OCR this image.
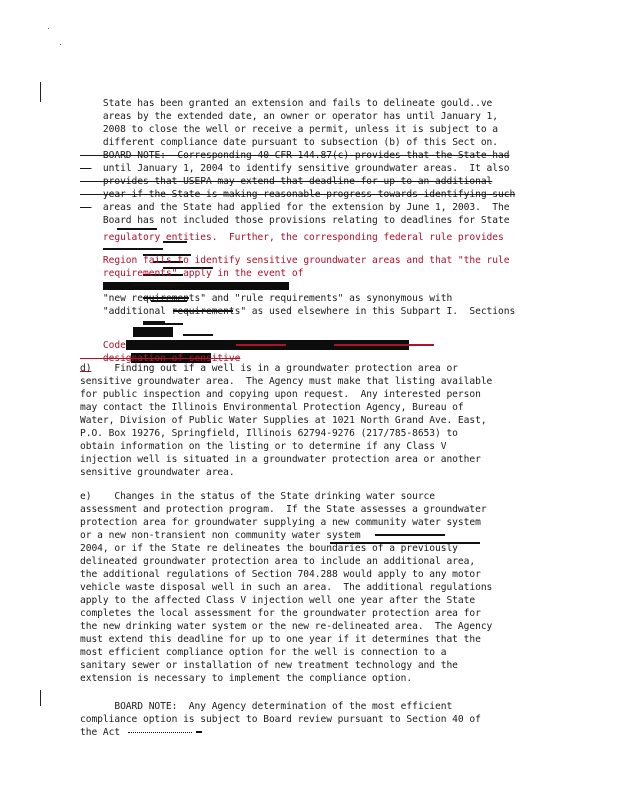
State has been granted an extension and fails to delineate gould..ve

areas by the extended date, an owner or operator has until January 1,

2008 to close the well or receive a permit, unless it is subject to a

different compliance date pursuant to subsection (b) of this Sect on.

BOARD NOTE:  Corresponding 40 CFR 144.87(c) provides that the State had

until January 1, 2004 to identify sensitive groundwater areas.  It also

provides that USEPA may extend that deadline for up to an additional

year if the State is making reasonable progress towards identifying such

areas and the State had applied for the extension by June 1, 2003.  The

Board has not included those provisions relating to deadlines for State

regulatory entities.  Further, the corresponding federal rule provides

Region fails to identify sensitive groundwater areas and that "the rule

requirements" apply in the event of

"new requirements" and "rule requirements" as synonymous with

"additional requirements" as used elsewhere in this Subpart I.  Sections

Code

designation of sensitive

d)    Finding out if a well is in a groundwater protection area or
sensitive groundwater area.  The Agency must make that listing available
for public inspection and copying upon request.  Any interested person
may contact the Illinois Environmental Protection Agency, Bureau of
Water, Division of Public Water Supplies at 1021 North Grand Ave. East,
P.O. Box 19276, Springfield, Illinois 62794-9276 (217/785-8653) to
obtain information on the listing or to determine if any Class V
injection well is situated in a groundwater protection area or another
sensitive groundwater area.
e)    Changes in the status of the State drinking water source
assessment and protection program.  If the State assesses a groundwater
protection area for groundwater supplying a new community water system
or a new non-transient non community water system
2004, or if the State re delineates the boundaries of a previously
delineated groundwater protection area to include an additional area,
the additional regulations of Section 704.288 would apply to any motor
vehicle waste disposal well in such an area.  The additional regulations
apply to the affected Class V injection well one year after the State
completes the local assessment for the groundwater protection area for
the new drinking water system or the new re-delineated area.  The Agency
must extend this deadline for up to one year if it determines that the
most efficient compliance option for the well is connection to a
sanitary sewer or installation of new treatment technology and the
extension is necessary to implement the compliance option.
BOARD NOTE:  Any Agency determination of the most efficient
compliance option is subject to Board review pursuant to Section 40 of
the Act
